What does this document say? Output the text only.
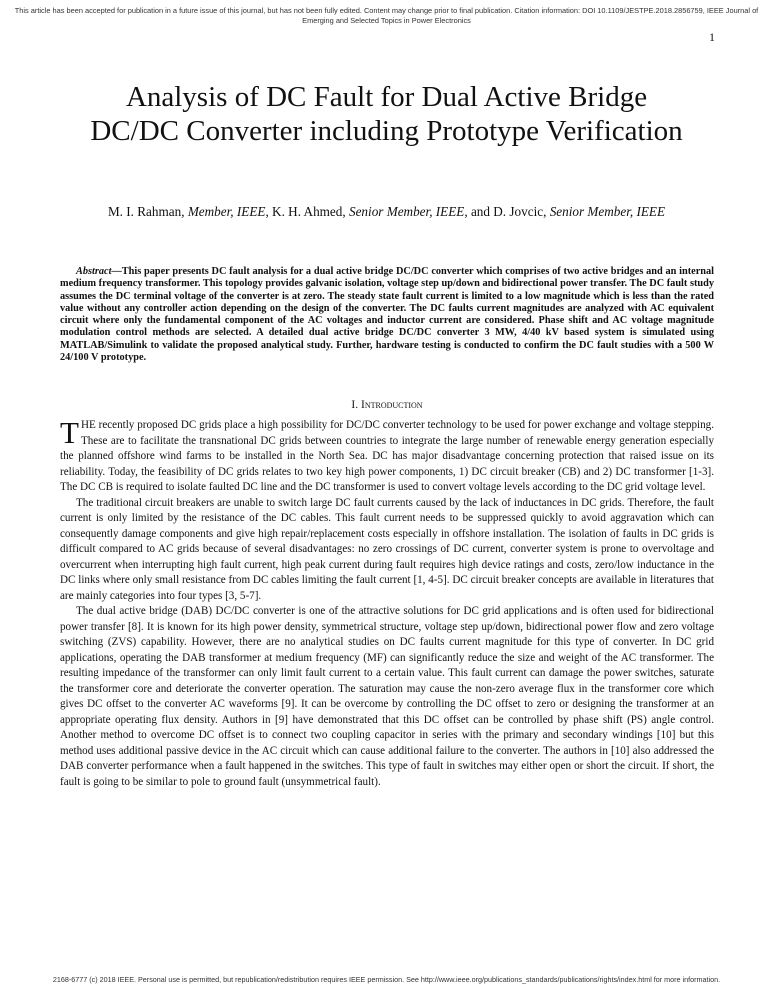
This article has been accepted for publication in a future issue of this journal, but has not been fully edited. Content may change prior to final publication. Citation information: DOI 10.1109/JESTPE.2018.2856759, IEEE Journal of Emerging and Selected Topics in Power Electronics
1
Analysis of DC Fault for Dual Active Bridge DC/DC Converter including Prototype Verification
M. I. Rahman, Member, IEEE, K. H. Ahmed, Senior Member, IEEE, and D. Jovcic, Senior Member, IEEE
Abstract—This paper presents DC fault analysis for a dual active bridge DC/DC converter which comprises of two active bridges and an internal medium frequency transformer. This topology provides galvanic isolation, voltage step up/down and bidirectional power transfer. The DC fault study assumes the DC terminal voltage of the converter is at zero. The steady state fault current is limited to a low magnitude which is less than the rated value without any controller action depending on the design of the converter. The DC faults current magnitudes are analyzed with AC equivalent circuit where only the fundamental component of the AC voltages and inductor current are considered. Phase shift and AC voltage magnitude modulation control methods are selected. A detailed dual active bridge DC/DC converter 3 MW, 4/40 kV based system is simulated using MATLAB/Simulink to validate the proposed analytical study. Further, hardware testing is conducted to confirm the DC fault studies with a 500 W 24/100 V prototype.
I. Introduction

THE recently proposed DC grids place a high possibility for DC/DC converter technology to be used for power exchange and voltage stepping. These are to facilitate the transnational DC grids between countries to integrate the large number of renewable energy generation especially the planned offshore wind farms to be installed in the North Sea. DC has major disadvantage concerning protection that raised issue on its reliability. Today, the feasibility of DC grids relates to two key high power components, 1) DC circuit breaker (CB) and 2) DC transformer [1-3]. The DC CB is required to isolate faulted DC line and the DC transformer is used to convert voltage levels according to the DC grid voltage level.

The traditional circuit breakers are unable to switch large DC fault currents caused by the lack of inductances in DC grids. Therefore, the fault current is only limited by the resistance of the DC cables. This fault current needs to be suppressed quickly to avoid aggravation which can consequently damage components and give high repair/replacement costs especially in offshore installation. The isolation of faults in DC grids is difficult compared to AC grids because of several disadvantages: no zero crossings of DC current, converter system is prone to overvoltage and overcurrent when interrupting high fault current, high peak current during fault requires high device ratings and costs, zero/low inductance in the DC links where only small resistance from DC cables limiting the fault current [1, 4-5]. DC circuit breaker concepts are available in literatures that are mainly categories into four types [3, 5-7].

The dual active bridge (DAB) DC/DC converter is one of the attractive solutions for DC grid applications and is often used for bidirectional power transfer [8]. It is known for its high power density, symmetrical structure, voltage step up/down, bidirectional power flow and zero voltage switching (ZVS) capability. However, there are no analytical studies on DC faults current magnitude for this type of converter. In DC grid applications, operating the DAB transformer at medium frequency (MF) can significantly reduce the size and weight of the AC transformer. The resulting impedance of the transformer can only limit fault current to a certain value. This fault current can damage the power switches, saturate the transformer core and deteriorate the converter operation. The saturation may cause the non-zero average flux in the transformer core which gives DC offset to the converter AC waveforms [9]. It can be overcome by controlling the DC offset to zero or designing the transformer at an appropriate operating flux density. Authors in [9] have demonstrated that this DC offset can be controlled by phase shift (PS) angle control. Another method to overcome DC offset is to connect two coupling capacitor in series with the primary and secondary windings [10] but this method uses additional passive device in the AC circuit which can cause additional failure to the converter. The authors in [10] also addressed the DAB converter performance when a fault happened in the switches. This type of fault in switches may either open or short the circuit. If short, the fault is going to be similar to pole to ground fault (unsymmetrical fault).

2168-6777 (c) 2018 IEEE. Personal use is permitted, but republication/redistribution requires IEEE permission. See http://www.ieee.org/publications_standards/publications/rights/index.html for more information.
